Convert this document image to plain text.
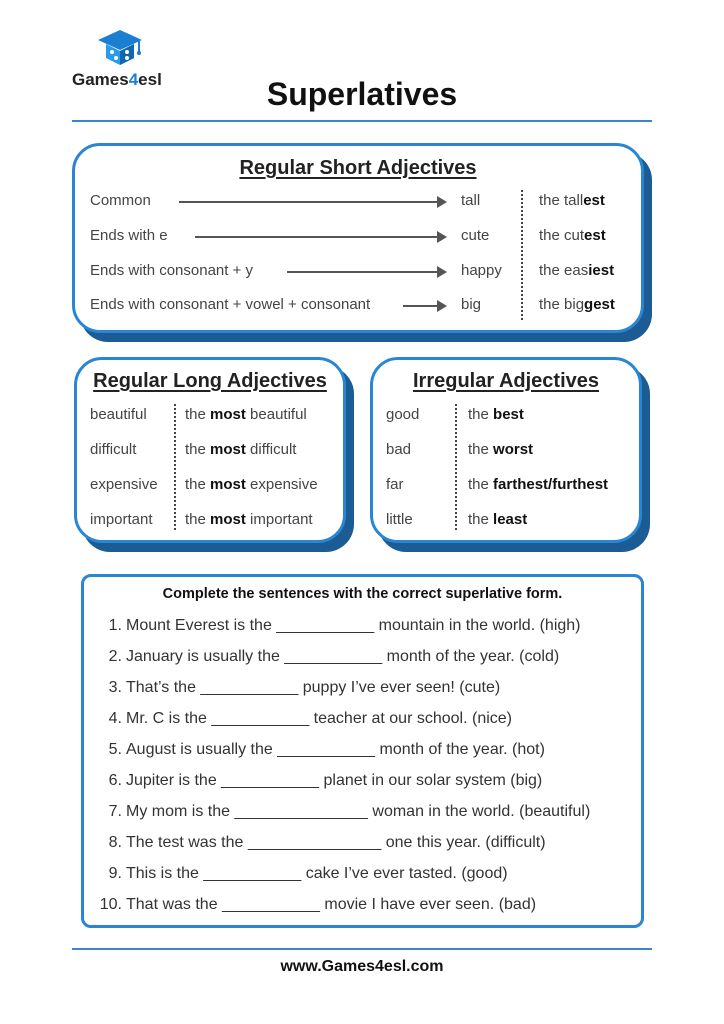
Games4esl	Superlatives
Regular Short Adjectives
Common	tall	the tallest
Ends with e	cute	the cutest
Ends with consonant + y	happy the easiest
Ends with consonant + vowel + consonant	big	the biggest
Regular Long Adjectives
beautiful	the most beautiful
difficult	the most difficult
expensive the most expensive
important the most important
Irregular Adjectives
good	the best
bad	the worst
far	the farthest/furthest
little	the least
Complete the sentences with the correct superlative form.
1. Mount Everest is the ___________ mountain in the world. (high)
2. January is usually the ___________ month of the year. (cold)
3. That’s the ___________ puppy I’ve ever seen! (cute)
4. Mr. C is the ___________ teacher at our school. (nice)
5. August is usually the ___________ month of the year. (hot)
6. Jupiter is the ___________ planet in our solar system (big)
7. My mom is the _______________ woman in the world. (beautiful)
8. The test was the _______________ one this year. (difficult)
9. This is the ___________ cake I’ve ever tasted. (good)
10. That was the ___________ movie I have ever seen. (bad)
www.Games4esl.com
